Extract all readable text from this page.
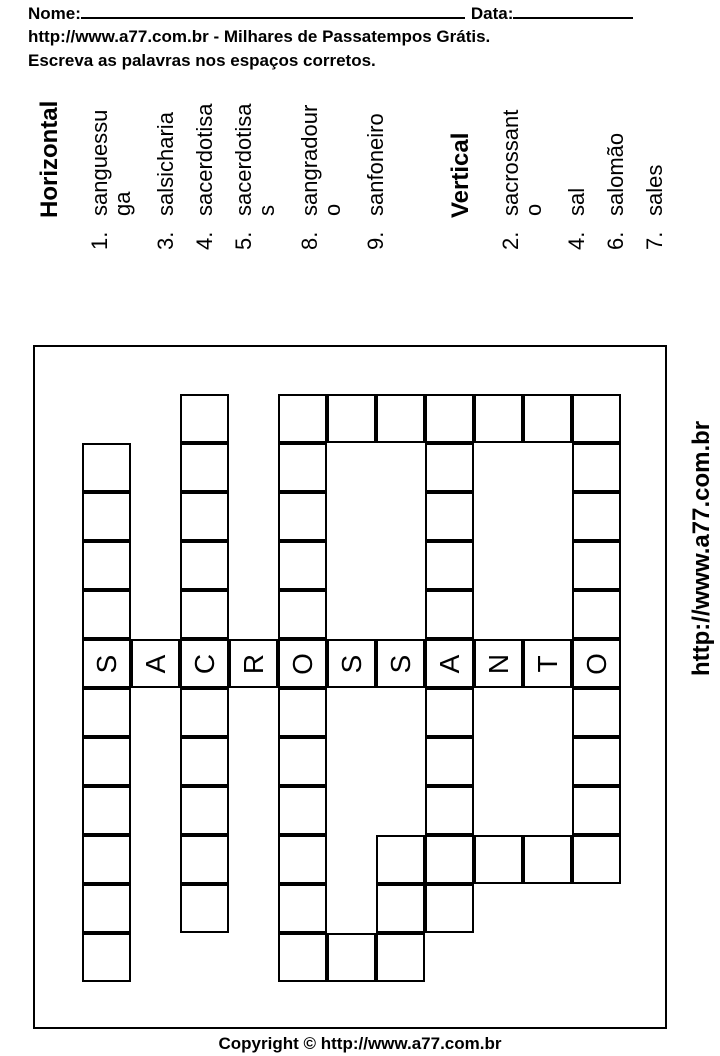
Nome:	Data:
http://www.a77.com.br - Milhares de Passatempos Grátis.
Escreva as palavras nos espaços corretos.
Horizontal
1.sanguessu
ga
3.salsicharia
4.sacerdotisa
5.sacerdotisa
s
8.sangradour
o
9.sanfoneiro Vertical
2.sacrossant
o
4.sal
6.salomão
7.sales
S A C R O S S A N T O	http://www.a77.com.br
Copyright © http://www.a77.com.br
